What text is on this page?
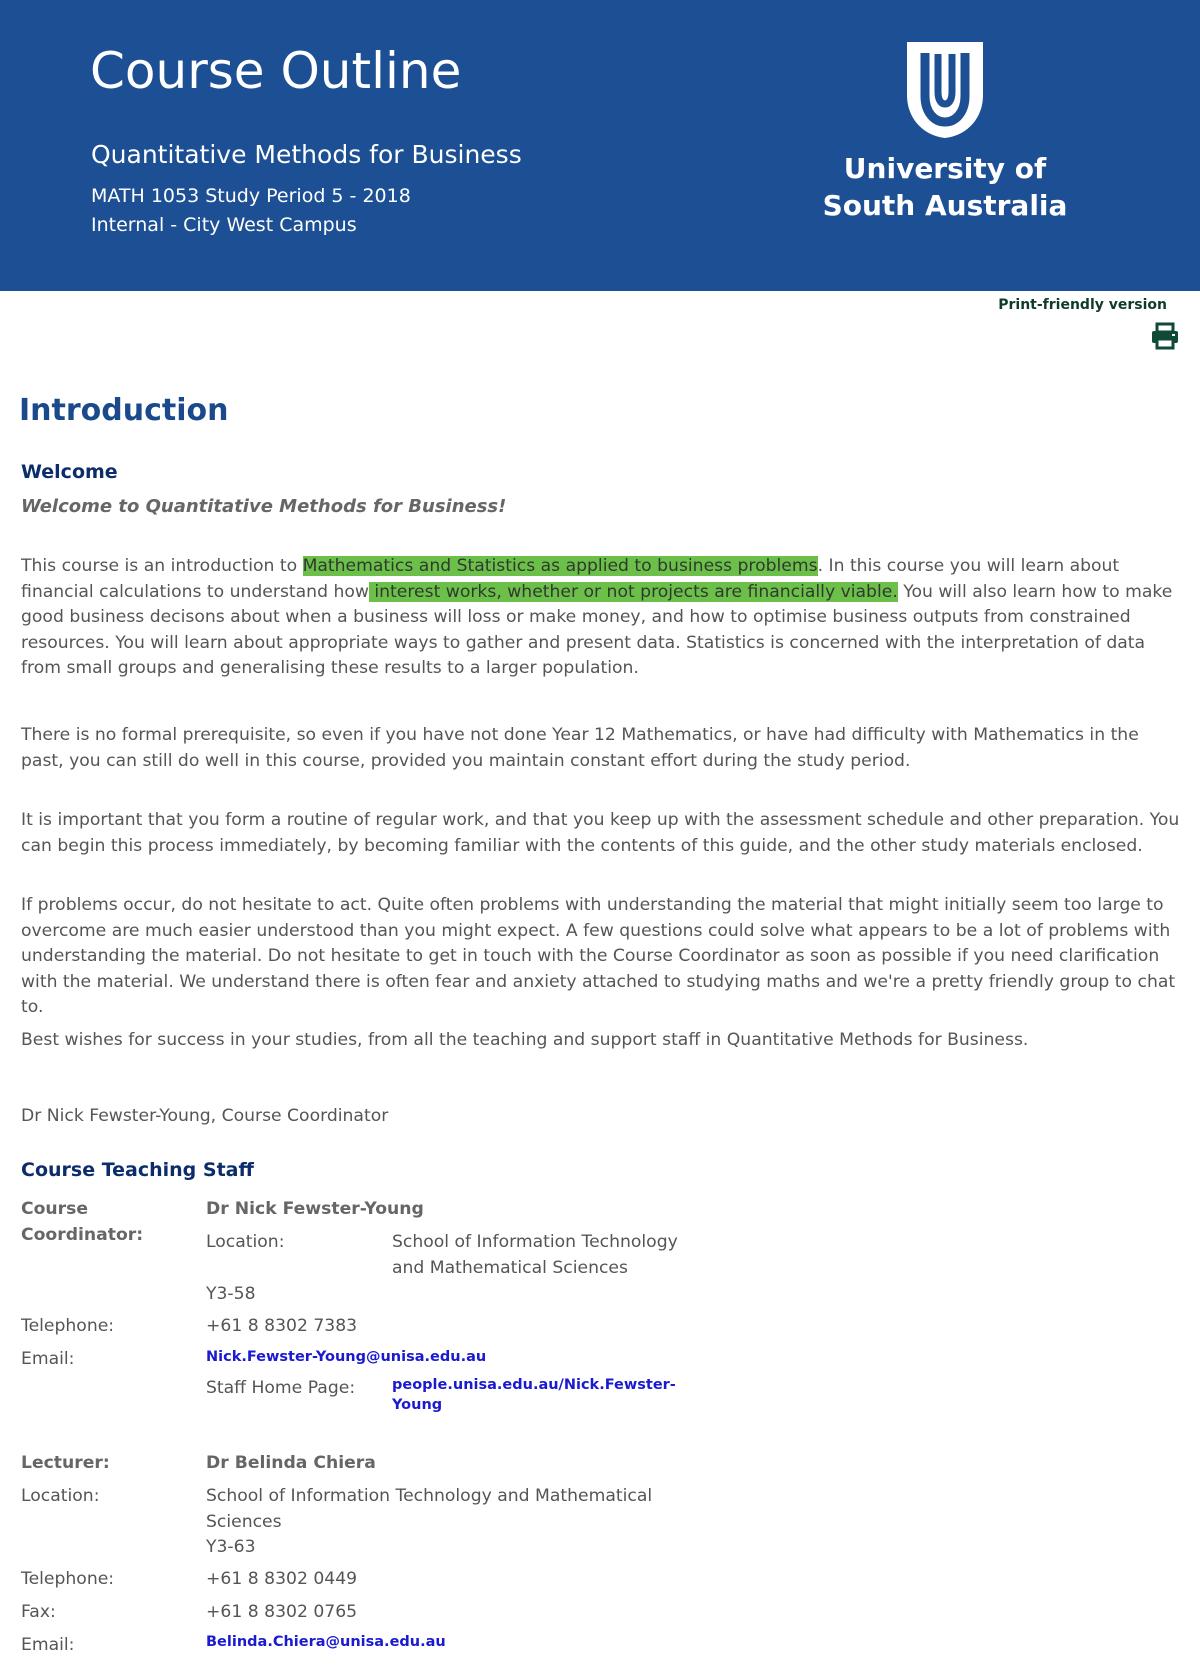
Course Outline
Quantitative Methods for Business
MATH 1053 Study Period 5 - 2018
Internal - City West Campus
University of
South Australia
Print-friendly version
Introduction
Welcome
Welcome to Quantitative Methods for Business!
This course is an introduction to Mathematics and Statistics as applied to business problems. In this course you will learn about financial calculations to understand how interest works, whether or not projects are financially viable. You will also learn how to make good business decisons about when a business will loss or make money, and how to optimise business outputs from constrained resources. You will learn about appropriate ways to gather and present data. Statistics is concerned with the interpretation of data from small groups and generalising these results to a larger population.
There is no formal prerequisite, so even if you have not done Year 12 Mathematics, or have had difficulty with Mathematics in the past, you can still do well in this course, provided you maintain constant effort during the study period.
It is important that you form a routine of regular work, and that you keep up with the assessment schedule and other preparation. You can begin this process immediately, by becoming familiar with the contents of this guide, and the other study materials enclosed.
If problems occur, do not hesitate to act. Quite often problems with understanding the material that might initially seem too large to overcome are much easier understood than you might expect. A few questions could solve what appears to be a lot of problems with understanding the material. Do not hesitate to get in touch with the Course Coordinator as soon as possible if you need clarification with the material. We understand there is often fear and anxiety attached to studying maths and we're a pretty friendly group to chat to.
Best wishes for success in your studies, from all the teaching and support staff in Quantitative Methods for Business.
Dr Nick Fewster-Young, Course Coordinator
Course Teaching Staff
Course
Coordinator:
Dr Nick Fewster-Young
Location:	School of Information Technology
and Mathematical Sciences
Y3-58
Telephone:	+61 8 8302 7383
Email:	Nick.Fewster-Young@unisa.edu.au
Staff Home Page:	people.unisa.edu.au/Nick.Fewster-
Young
Lecturer:	Dr Belinda Chiera
Location:	School of Information Technology and Mathematical
Sciences
Y3-63
Telephone:	+61 8 8302 0449
Fax:	+61 8 8302 0765
Email:	Belinda.Chiera@unisa.edu.au
